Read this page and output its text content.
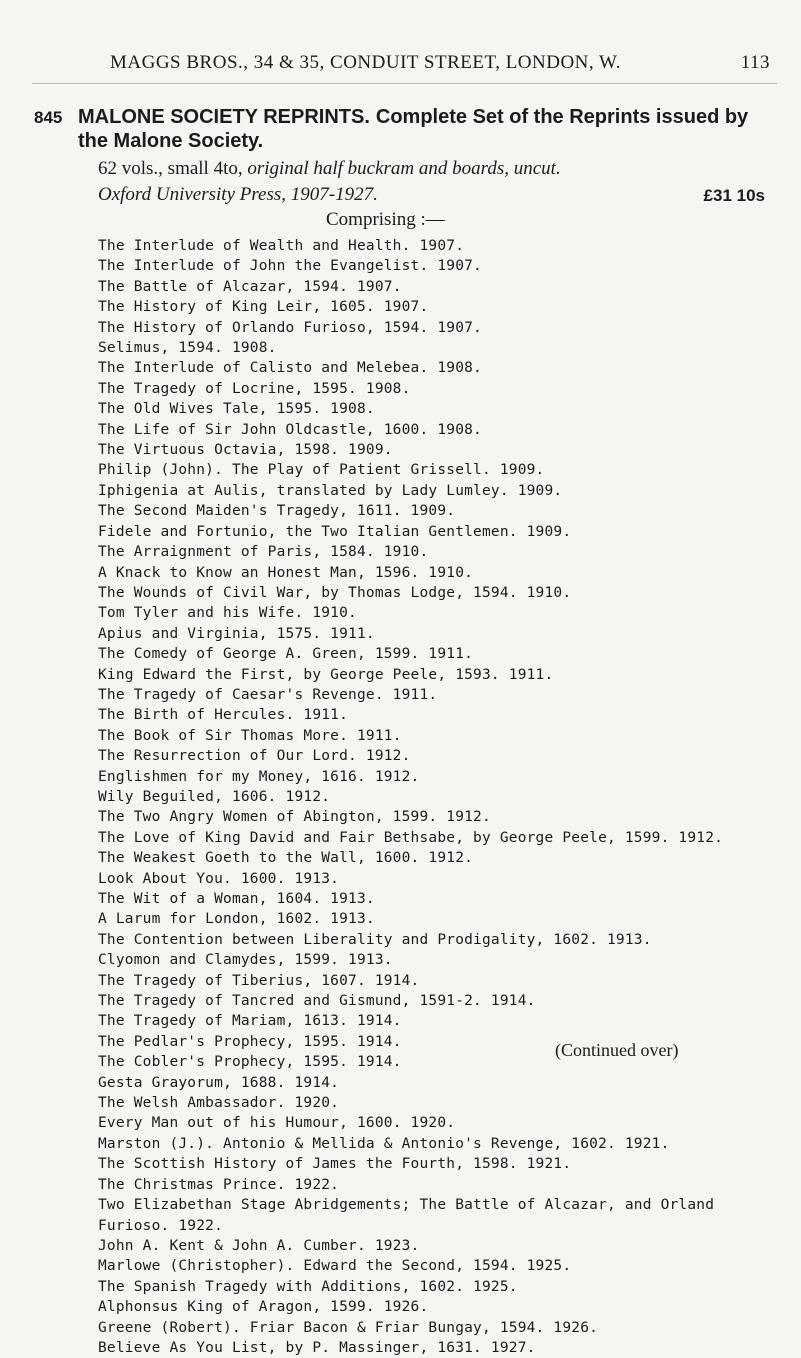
MAGGS BROS., 34 & 35, CONDUIT STREET, LONDON, W.	113
845 MALONE SOCIETY REPRINTS. Complete Set of the Reprints issued by the Malone Society.
62 vols., small 4to, original half buckram and boards, uncut.
Oxford University Press, 1907-1927.	£31 10s
Comprising :—
The Interlude of Wealth and Health. 1907.
The Interlude of John the Evangelist. 1907.
The Battle of Alcazar, 1594. 1907.
The History of King Leir, 1605. 1907.
The History of Orlando Furioso, 1594. 1907.
Selimus, 1594. 1908.
The Interlude of Calisto and Melebea. 1908.
The Tragedy of Locrine, 1595. 1908.
The Old Wives Tale, 1595. 1908.
The Life of Sir John Oldcastle, 1600. 1908.
The Virtuous Octavia, 1598. 1909.
Philip (John). The Play of Patient Grissell. 1909.
Iphigenia at Aulis, translated by Lady Lumley. 1909.
The Second Maiden's Tragedy, 1611. 1909.
Fidele and Fortunio, the Two Italian Gentlemen. 1909.
The Arraignment of Paris, 1584. 1910.
A Knack to Know an Honest Man, 1596. 1910.
The Wounds of Civil War, by Thomas Lodge, 1594. 1910.
Tom Tyler and his Wife. 1910.
Apius and Virginia, 1575. 1911.
The Comedy of George A. Green, 1599. 1911.
King Edward the First, by George Peele, 1593. 1911.
The Tragedy of Caesar's Revenge. 1911.
The Birth of Hercules. 1911.
The Book of Sir Thomas More. 1911.
The Resurrection of Our Lord. 1912.
Englishmen for my Money, 1616. 1912.
Wily Beguiled, 1606. 1912.
The Two Angry Women of Abington, 1599. 1912.
The Love of King David and Fair Bethsabe, by George Peele, 1599. 1912.
The Weakest Goeth to the Wall, 1600. 1912.
Look About You. 1600. 1913.
The Wit of a Woman, 1604. 1913.
A Larum for London, 1602. 1913.
The Contention between Liberality and Prodigality, 1602. 1913.
Clyomon and Clamydes, 1599. 1913.
The Tragedy of Tiberius, 1607. 1914.
The Tragedy of Tancred and Gismund, 1591-2. 1914.
The Tragedy of Mariam, 1613. 1914.
The Pedlar's Prophecy, 1595. 1914.
The Cobler's Prophecy, 1595. 1914.
Gesta Grayorum, 1688. 1914.
The Welsh Ambassador. 1920.
Every Man out of his Humour, 1600. 1920.
Marston (J.). Antonio & Mellida & Antonio's Revenge, 1602. 1921.
The Scottish History of James the Fourth, 1598. 1921.
The Christmas Prince. 1922.
Two Elizabethan Stage Abridgements; The Battle of Alcazar, and Orland Furioso. 1922.
John A. Kent & John A. Cumber. 1923.
Marlowe (Christopher). Edward the Second, 1594. 1925.
The Spanish Tragedy with Additions, 1602. 1925.
Alphonsus King of Aragon, 1599. 1926.
Greene (Robert). Friar Bacon & Friar Bungay, 1594. 1926.
Believe As You List, by P. Massinger, 1631. 1927.
(Continued over)
